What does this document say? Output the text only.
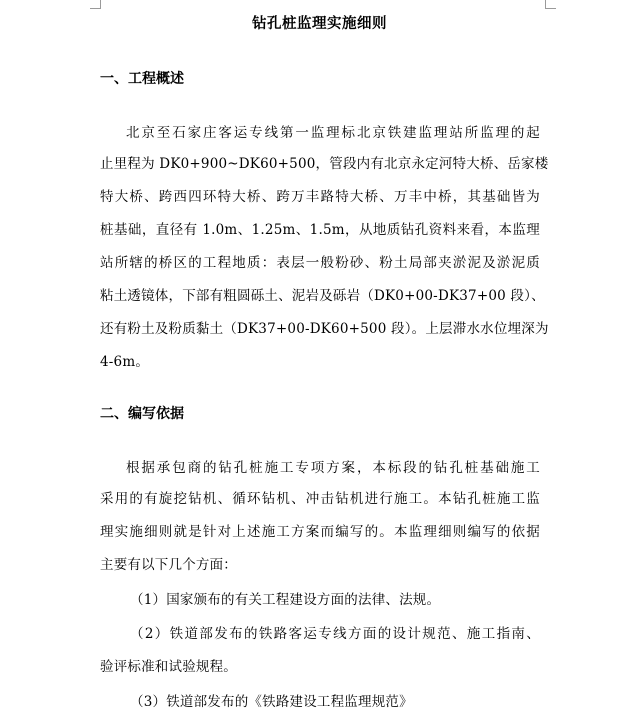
钻孔桩监理实施细则
一、工程概述
北京至石家庄客运专线第一监理标北京铁建监理站所监理的起
止里程为 DK0+900~DK60+500，管段内有北京永定河特大桥、岳家楼
特大桥、跨西四环特大桥、跨万丰路特大桥、万丰中桥，其基础皆为
桩基础，直径有 1.0m、1.25m、1.5m，从地质钻孔资料来看，本监理
站所辖的桥区的工程地质：表层一般粉砂、粉土局部夹淤泥及淤泥质
粘土透镜体，下部有粗圆砾土、泥岩及砾岩（DK0+00-DK37+00 段）、
还有粉土及粉质黏土（DK37+00-DK60+500 段）。上层滞水水位埋深为
4-6m。
二、编写依据
根据承包商的钻孔桩施工专项方案，本标段的钻孔桩基础施工
采用的有旋挖钻机、循环钻机、冲击钻机进行施工。本钻孔桩施工监
理实施细则就是针对上述施工方案而编写的。本监理细则编写的依据
主要有以下几个方面：
（1）国家颁布的有关工程建设方面的法律、法规。
（2）铁道部发布的铁路客运专线方面的设计规范、施工指南、
验评标准和试验规程。
（3）铁道部发布的《铁路建设工程监理规范》
